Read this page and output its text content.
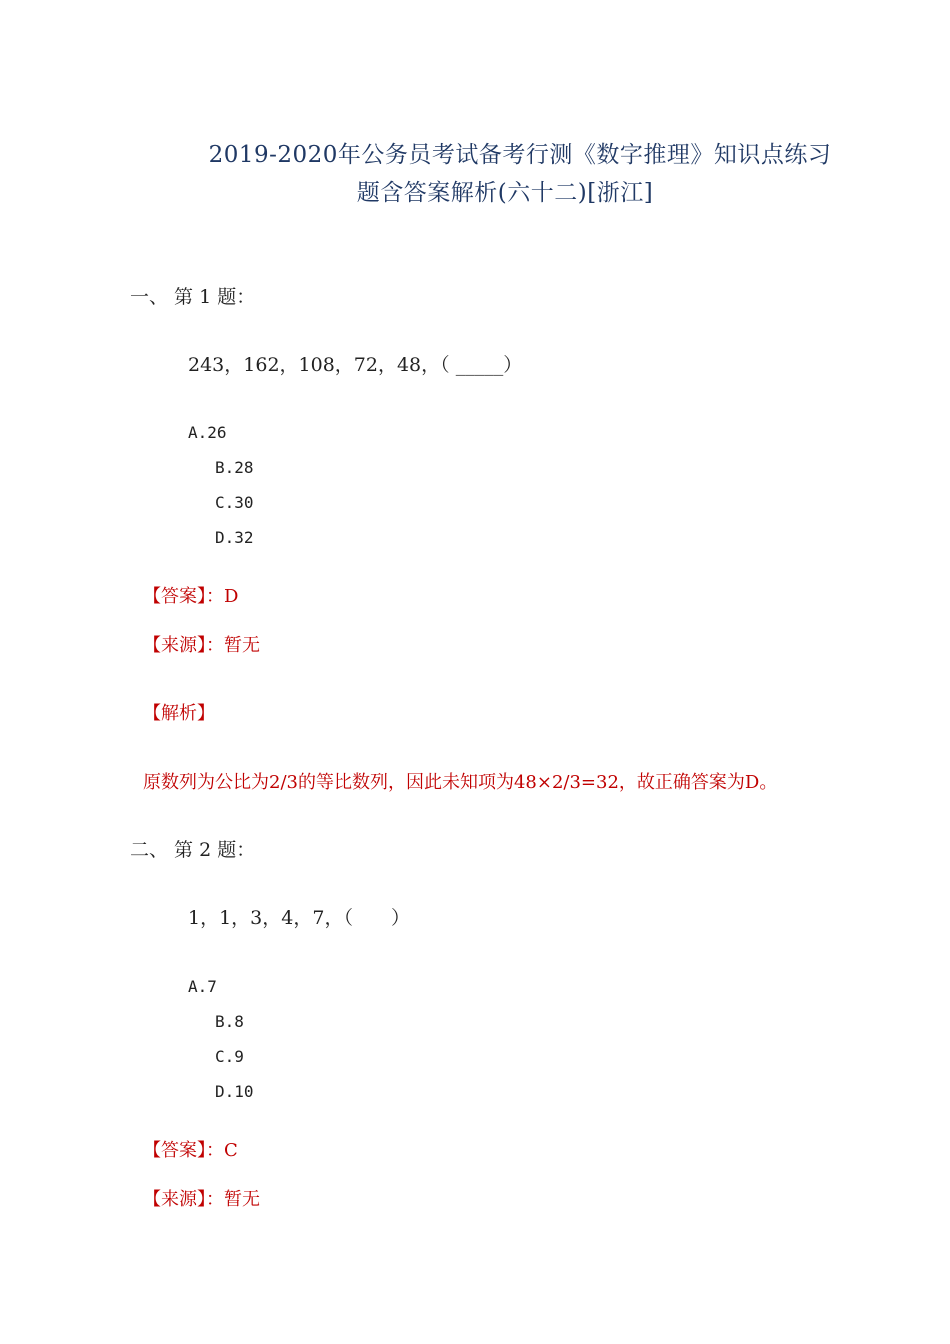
2019-2020年公务员考试备考行测《数字推理》知识点练习
题含答案解析(六十二)[浙江]
一、 第 1 题：
243，162，108，72，48，（ _____）
A.26
B.28
C.30
D.32
【答案】：D
【来源】：暂无
【解析】
原数列为公比为2/3的等比数列，因此未知项为48×2/3=32，故正确答案为D。
二、 第 2 题：
1，1，3，4，7，（　　）
A.7
B.8
C.9
D.10
【答案】：C
【来源】：暂无
